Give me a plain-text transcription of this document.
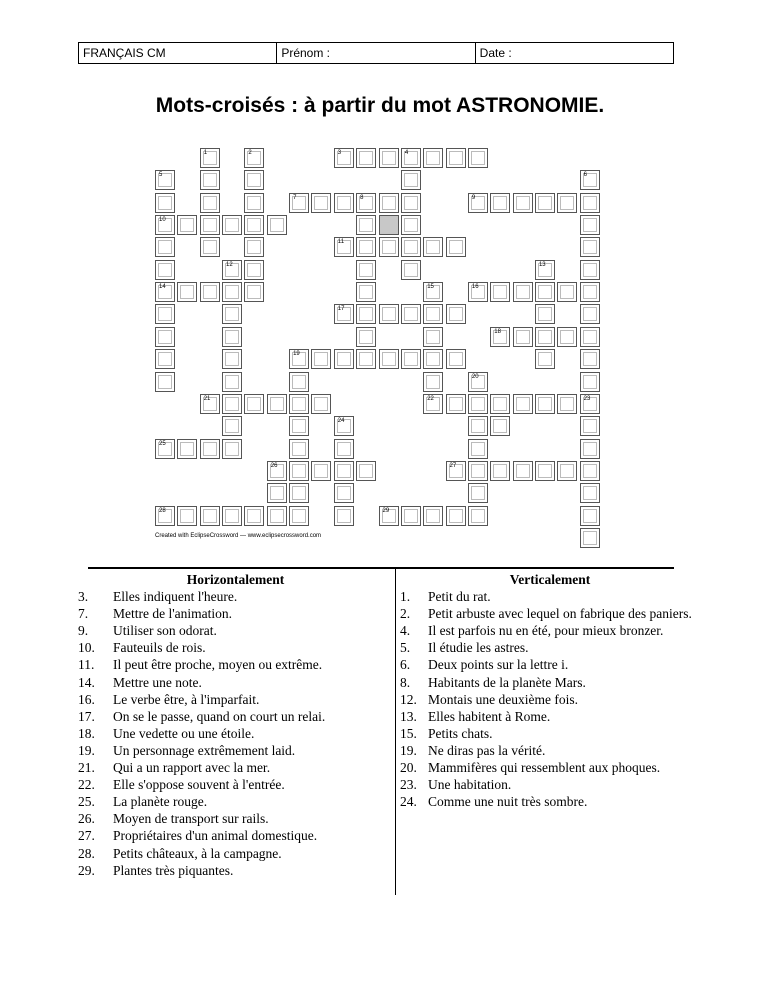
FRANÇAIS CM	Prénom :	Date :
Mots-croisés : à partir du mot ASTRONOMIE.
3	4
7	8	9
10
11
14	16
17
18
19
21	22
25
26	27
28	29
1	2
5	6
23
12	13
15
20
24
Created with EclipseCrossword — www.eclipsecrossword.com
Horizontalement
3.	Elles indiquent l'heure.
7.	Mettre de l'animation.
9.	Utiliser son odorat.
10.	Fauteuils de rois.
11.	Il peut être proche, moyen ou extrême.
14.	Mettre une note.
16.	Le verbe être, à l'imparfait.
17.	On se le passe, quand on court un relai.
18.	Une vedette ou une étoile.
19.	Un personnage extrêmement laid.
21.	Qui a un rapport avec la mer.
22.	Elle s'oppose souvent à l'entrée.
25.	La planète rouge.
26.	Moyen de transport sur rails.
27.	Propriétaires d'un animal domestique.
28.	Petits châteaux, à la campagne.
29.	Plantes très piquantes.
Verticalement
1.	Petit du rat.
2.	Petit arbuste avec lequel on fabrique des paniers.
4.	Il est parfois nu en été, pour mieux bronzer.
5.	Il étudie les astres.
6.	Deux points sur la lettre i.
8.	Habitants de la planète Mars.
12. Montais une deuxième fois.
13. Elles habitent à Rome.
15. Petits chats.
19. Ne diras pas la vérité.
20. Mammifères qui ressemblent aux phoques.
23. Une habitation.
24. Comme une nuit très sombre.
